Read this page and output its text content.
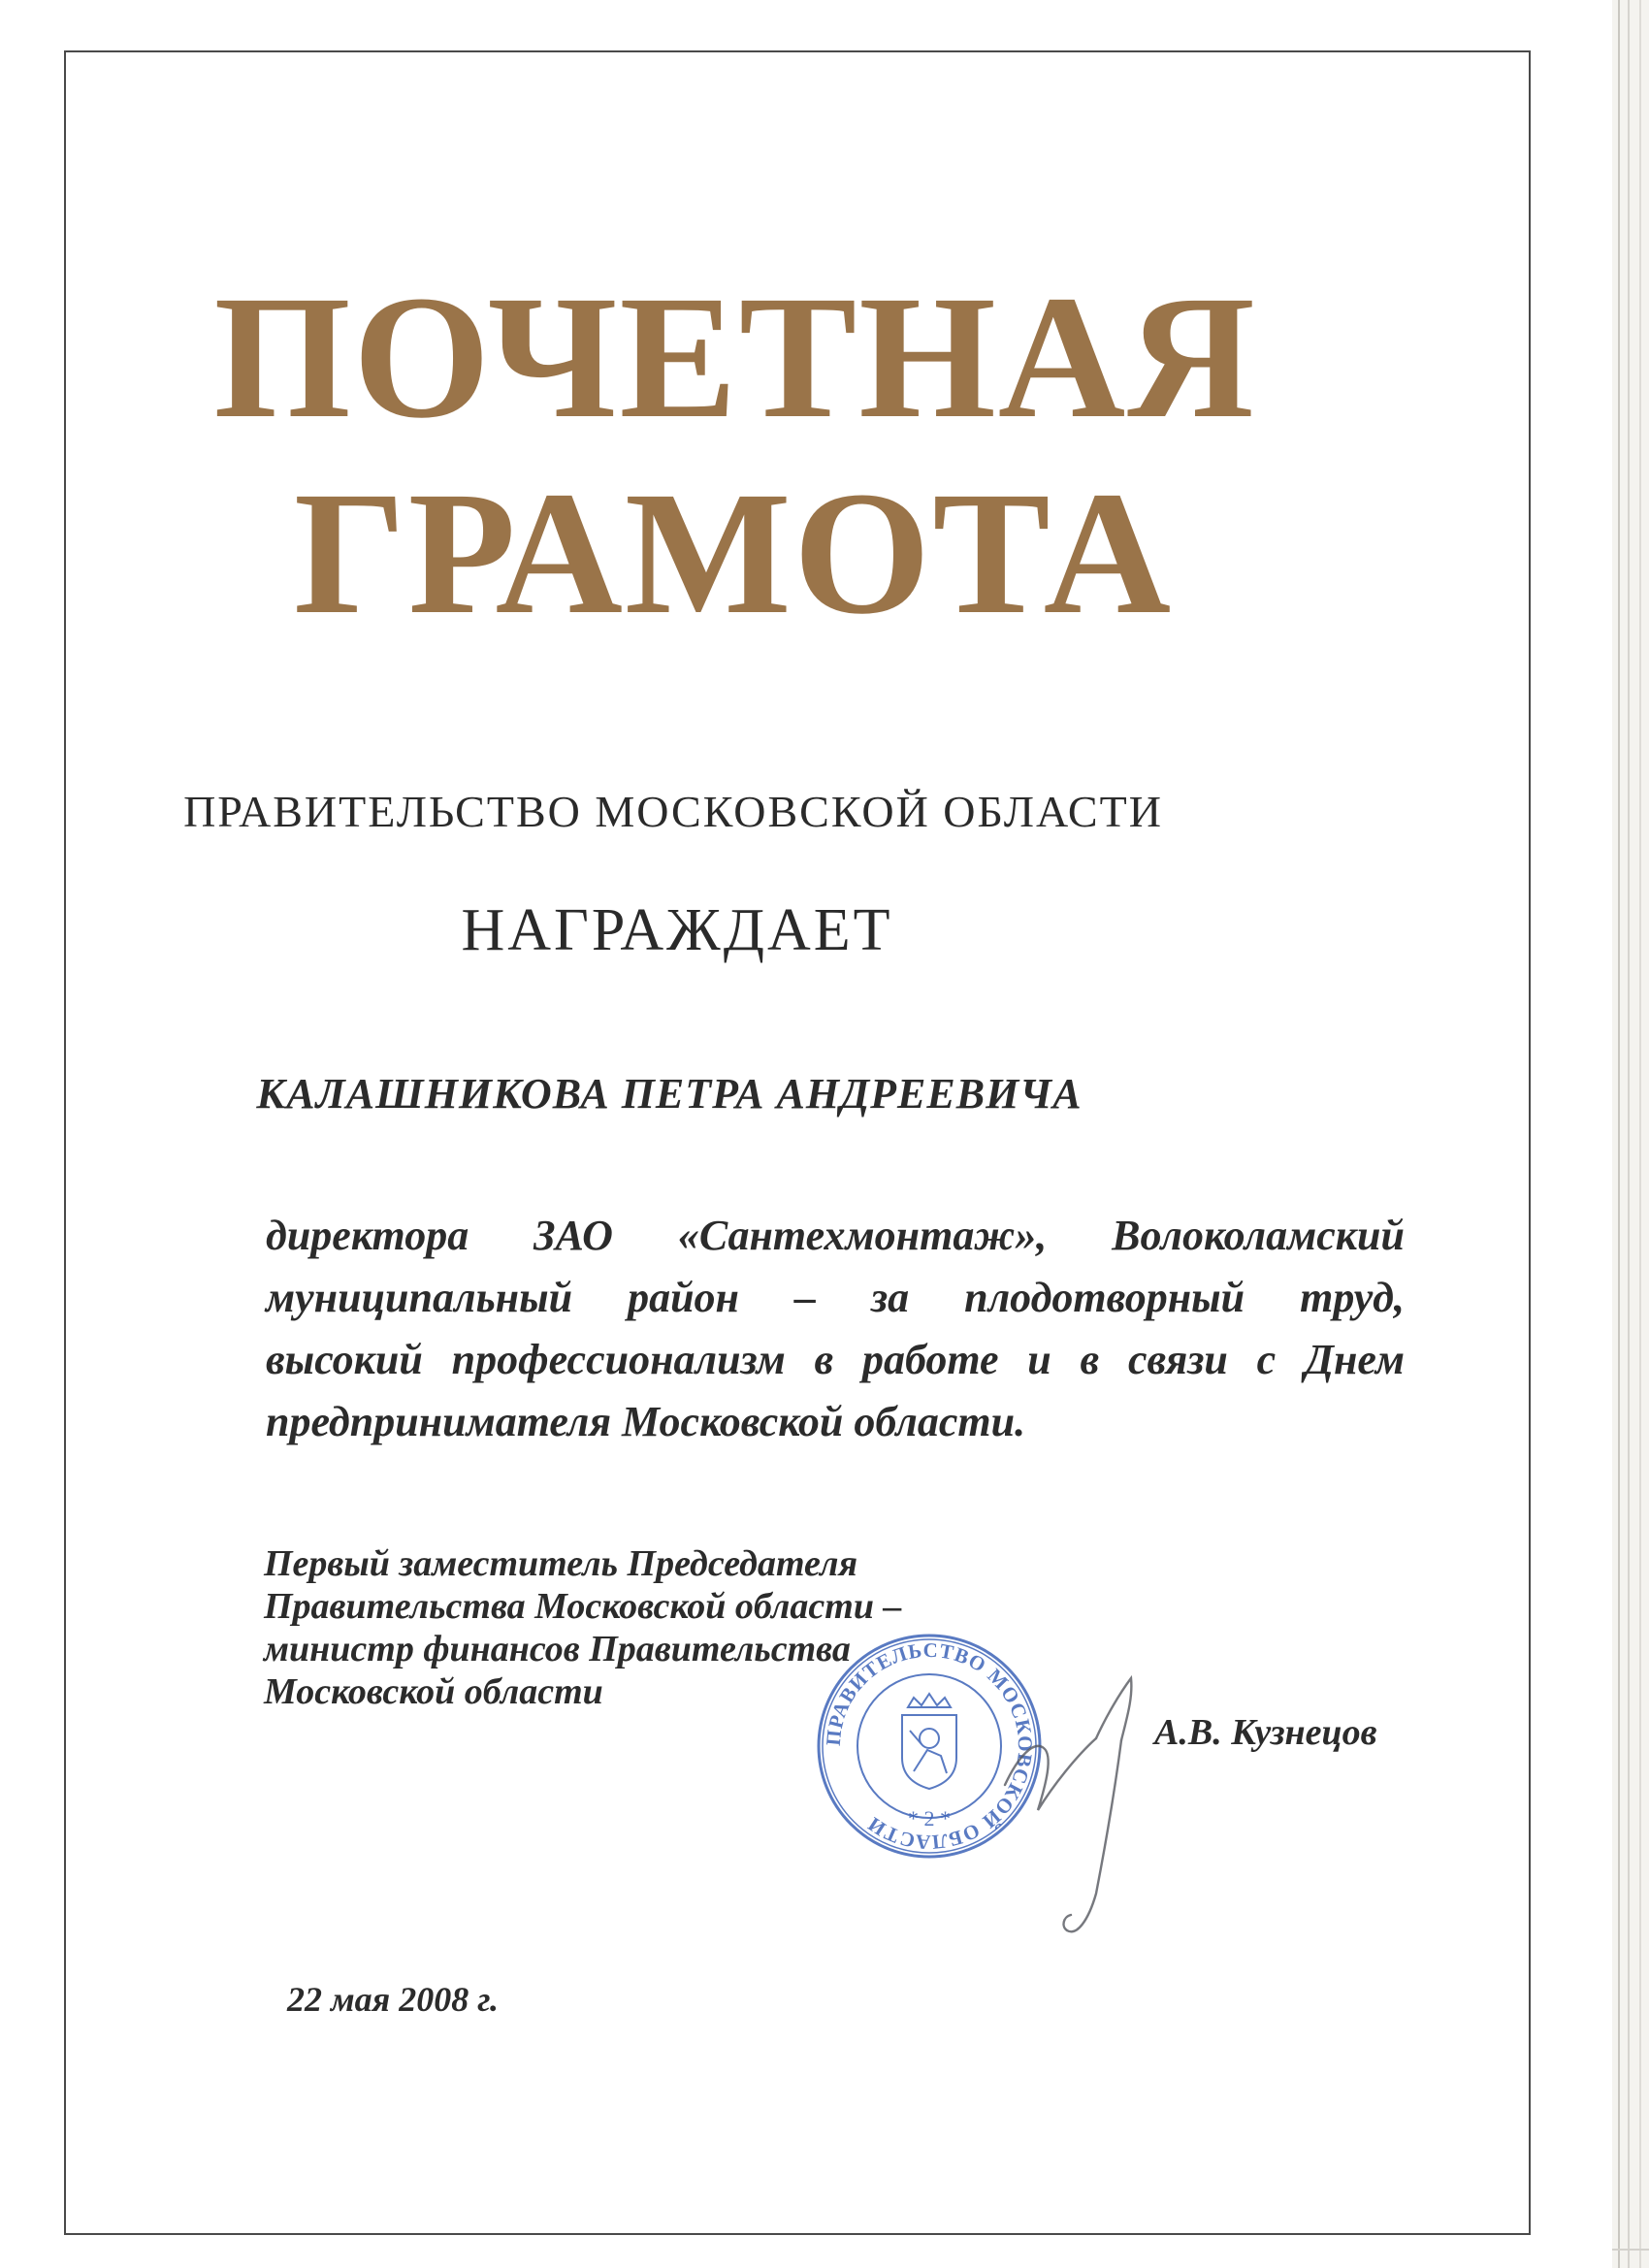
ПОЧЕТНАЯ
ГРАМОТА
ПРАВИТЕЛЬСТВО МОСКОВСКОЙ ОБЛАСТИ
НАГРАЖДАЕТ
КАЛАШНИКОВА ПЕТРА АНДРЕЕВИЧА
директора ЗАО «Сантехмонтаж», Волоколамский
муниципальный район – за плодотворный труд,
высокий профессионализм в работе и в связи с Днем
предпринимателя Московской области.
Первый заместитель Председателя
Правительства Московской области –
министр финансов Правительства
Московской области
ПРАВИТЕЛЬСТВО МОСКОВСКОЙ ОБЛАСТИ * 2 *
А.В. Кузнецов
22 мая 2008 г.
